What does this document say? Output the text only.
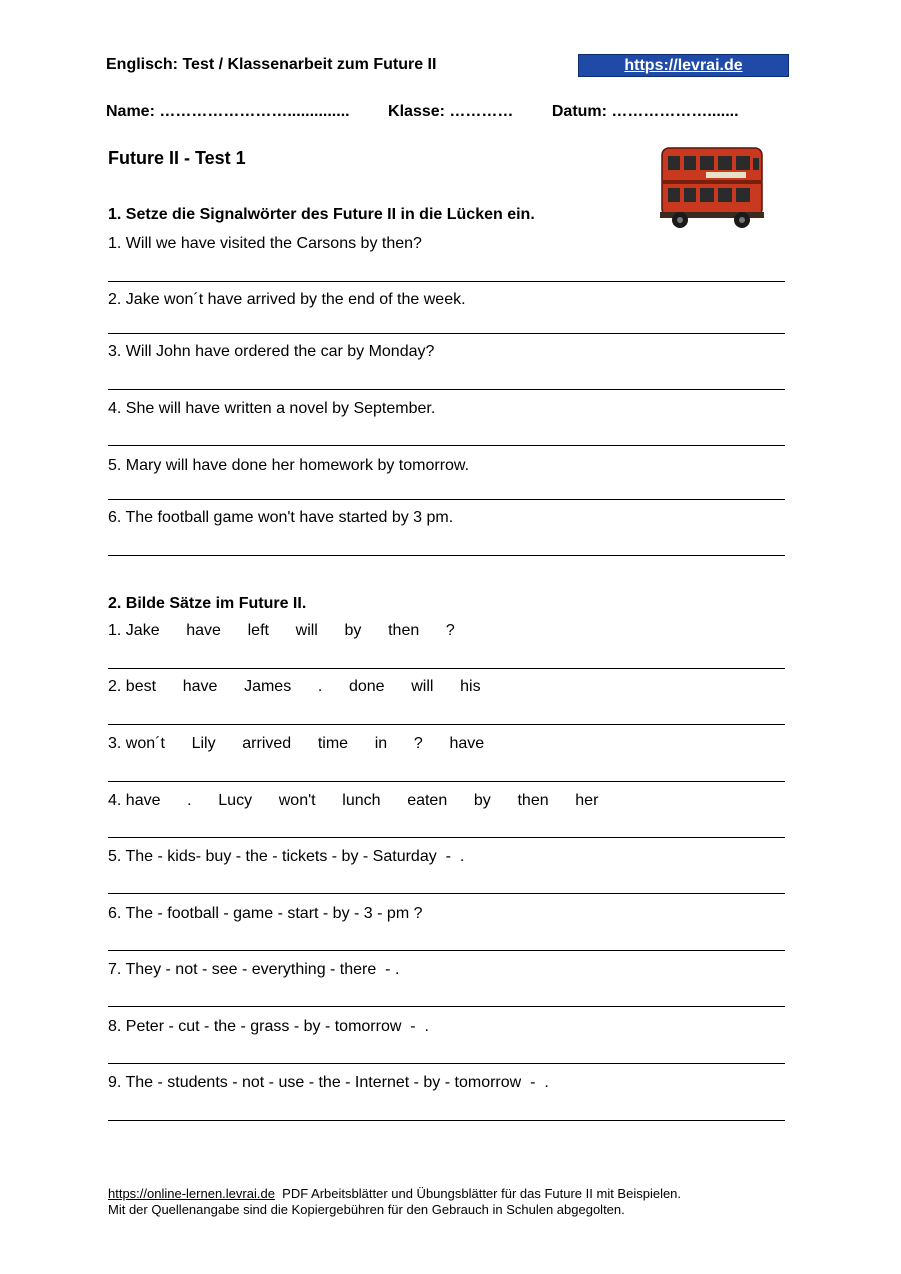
Englisch: Test / Klassenarbeit zum Future II	https://levrai.de
Name: …………………….............. Klasse: ………… Datum: ……………….......
Future II - Test 1
1. Setze die Signalwörter des Future II in die Lücken ein.
1. Will we have visited the Carsons by then?
2. Jake won´t have arrived by the end of the week.
3. Will John have ordered the car by Monday?
4. She will have written a novel by September.
5. Mary will have done her homework by tomorrow.
6. The football game won't have started by 3 pm.
2. Bilde Sätze im Future II.
1. Jake      have      left      will      by      then      ?
2. best      have      James      .      done      will      his
3. won´t      Lily      arrived      time      in      ?      have
4. have      .      Lucy      won't      lunch      eaten      by      then      her
5. The - kids- buy - the - tickets - by - Saturday  -  .
6. The - football - game - start - by - 3 - pm ?
7. They - not - see - everything - there  - .
8. Peter - cut - the - grass - by - tomorrow  -  .
9. The - students - not - use - the - Internet - by - tomorrow  -  .
https://online-lernen.levrai.de  PDF Arbeitsblätter und Übungsblätter für das Future II mit Beispielen.
Mit der Quellenangabe sind die Kopiergebühren für den Gebrauch in Schulen abgegolten.
